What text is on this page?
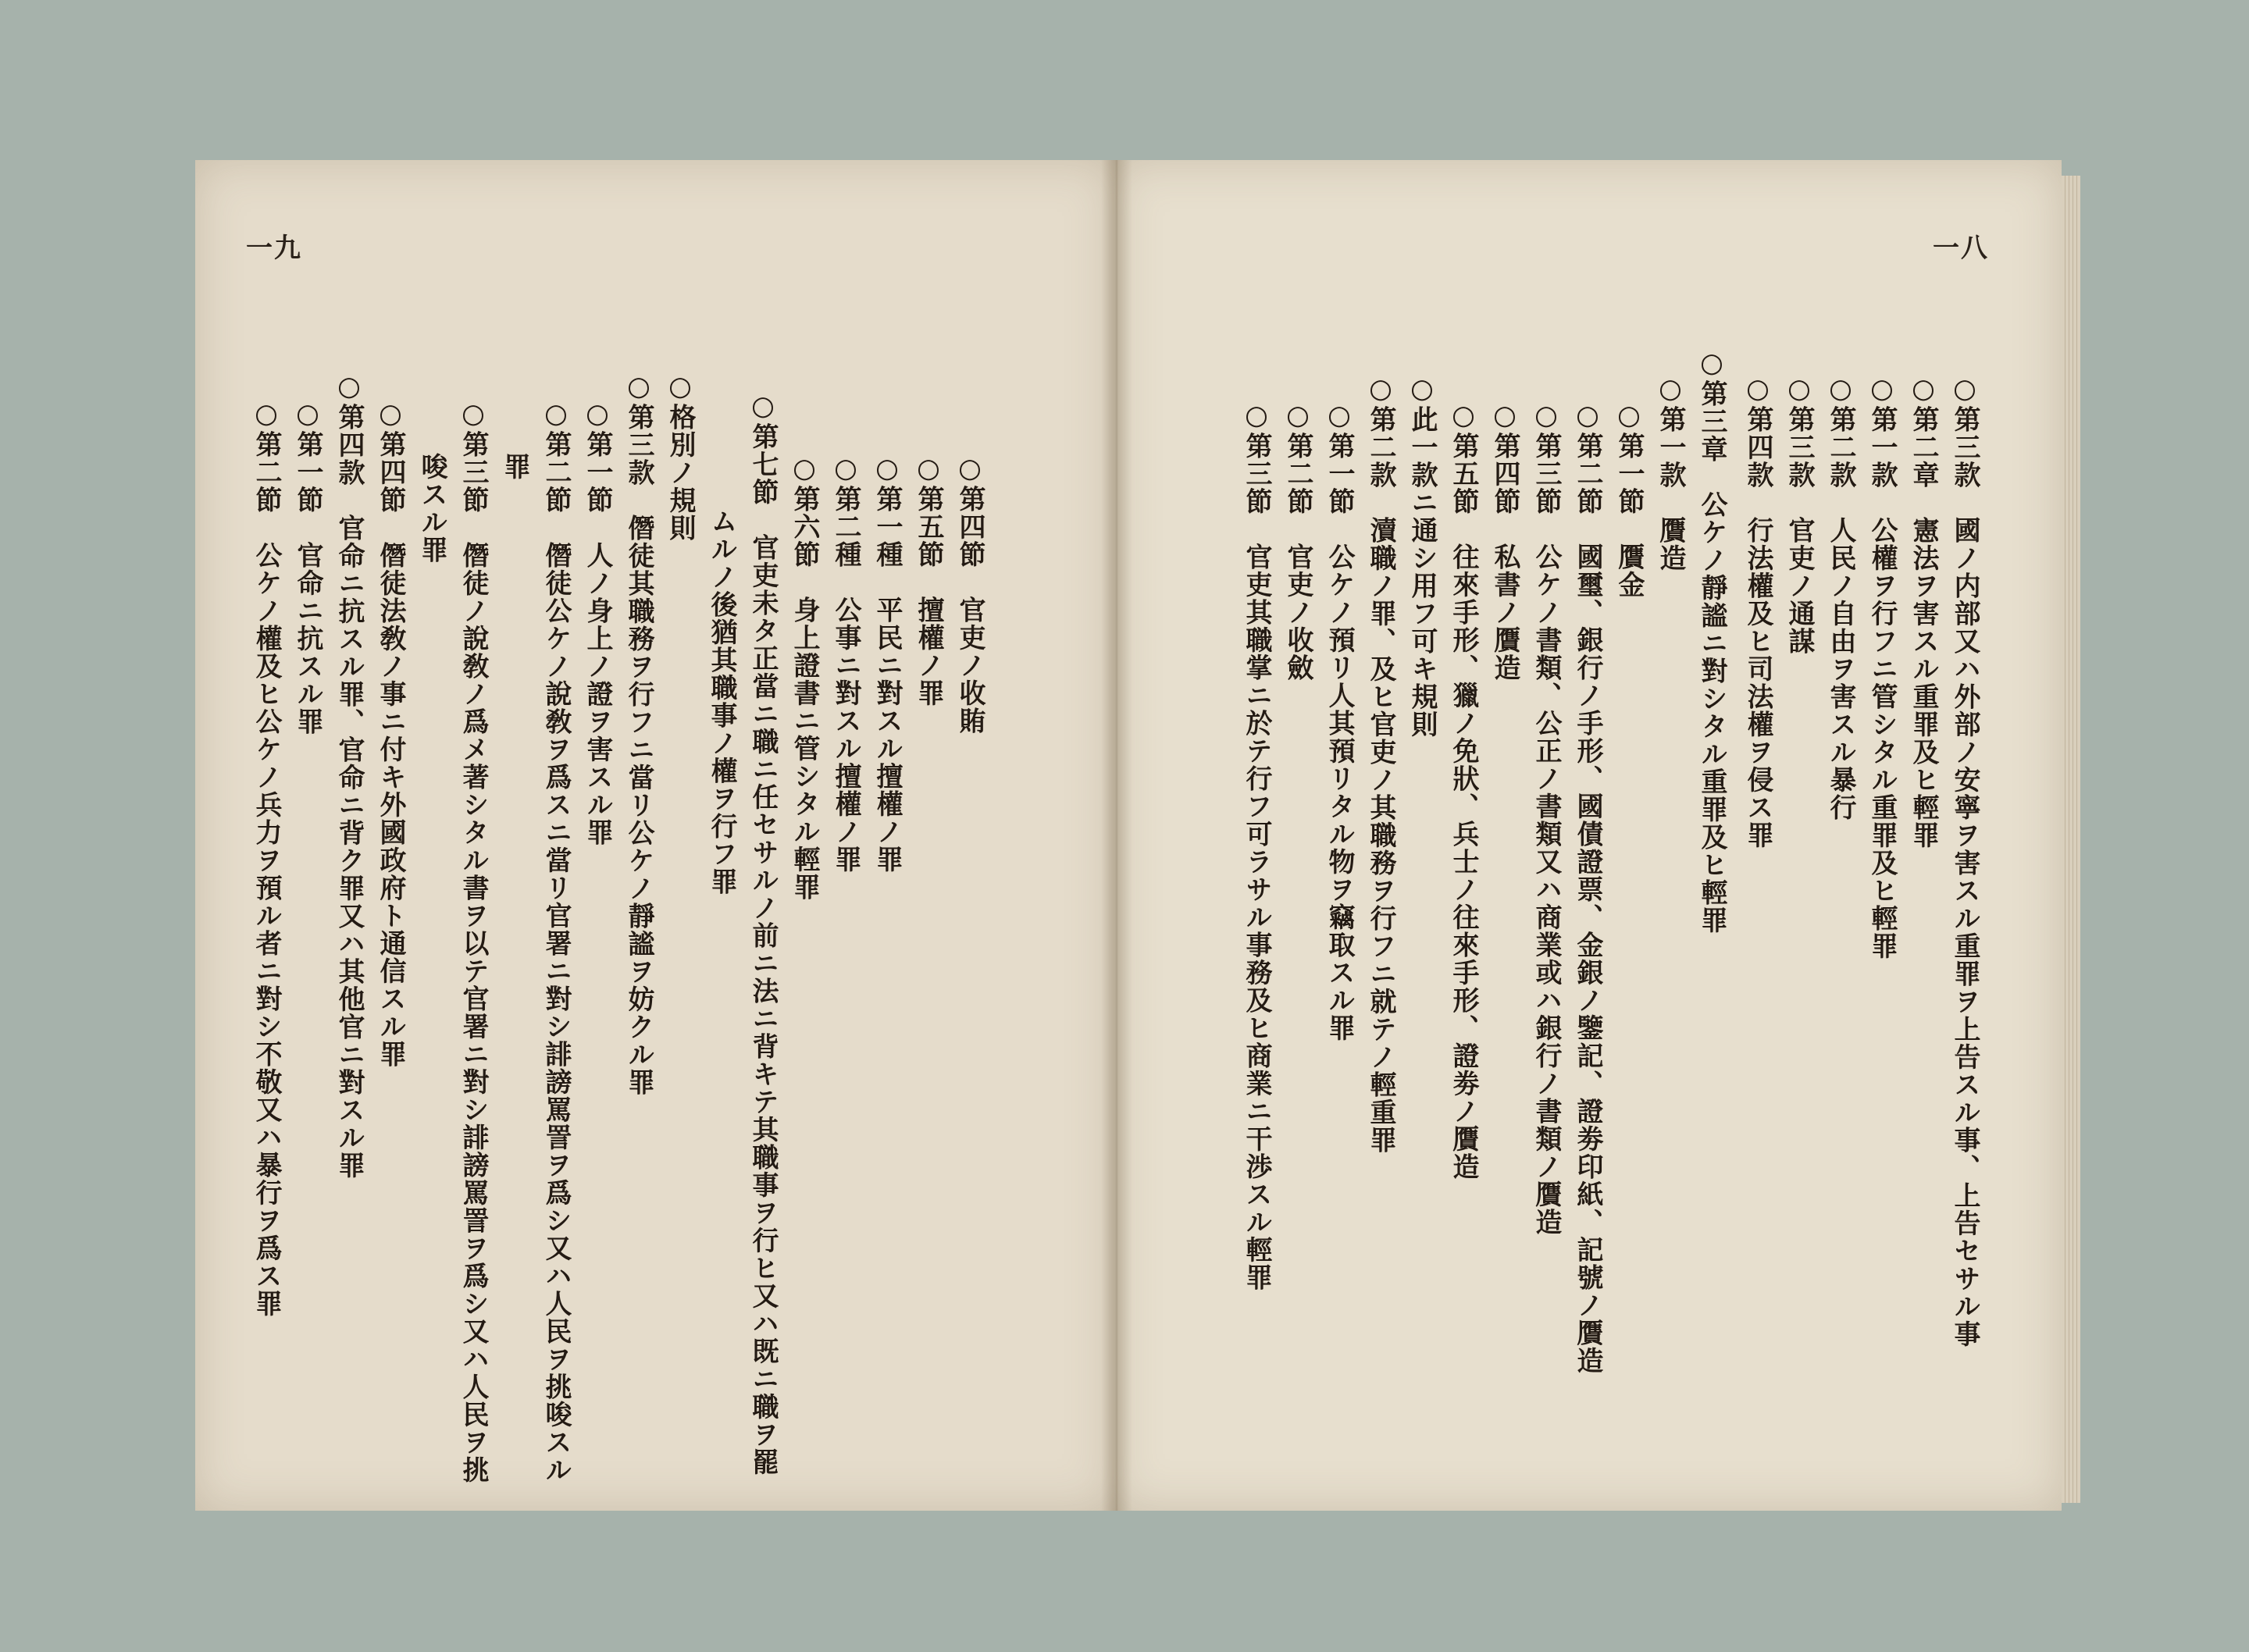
一九	一八
○第三款　國ノ内部又ハ外部ノ安寧ヲ害スル重罪ヲ上告スル事、上告セサル事
○第二章　憲法ヲ害スル重罪及ヒ輕罪
○第一款　公權ヲ行フニ管シタル重罪及ヒ輕罪
○第二款　人民ノ自由ヲ害スル暴行
○第三款　官吏ノ通謀
○第四款　行法權及ヒ司法權ヲ侵ス罪
○第三章　公ケノ靜謐ニ對シタル重罪及ヒ輕罪
○第一款　贋造
○第一節　贋金
○第二節　國璽、銀行ノ手形、國債證票、金銀ノ鑒記、證劵印紙、記號ノ贋造
○第三節　公ケノ書類、公正ノ書類又ハ商業或ハ銀行ノ書類ノ贋造
○第四節　私書ノ贋造
○第五節　往來手形、獵ノ免狀、兵士ノ往來手形、證劵ノ贋造
○此一款ニ通シ用フ可キ規則
○第二款　瀆職ノ罪、及ヒ官吏ノ其職務ヲ行フニ就テノ輕重罪
○第一節　公ケノ預リ人其預リタル物ヲ竊取スル罪
○第二節　官吏ノ收斂
○第三節　官吏其職掌ニ於テ行フ可ラサル事務及ヒ商業ニ干渉スル輕罪
○第四節　官吏ノ收賄
○第五節　擅權ノ罪
○第一種　平民ニ對スル擅權ノ罪
○第二種　公事ニ對スル擅權ノ罪
○第六節　身上證書ニ管シタル輕罪
○第七節　官吏未タ正當ニ職ニ任セサルノ前ニ法ニ背キテ其職事ヲ行ヒ又ハ既ニ職ヲ罷
ムルノ後猶其職事ノ權ヲ行フ罪
○格別ノ規則
○第三款　僭徒其職務ヲ行フニ當リ公ケノ靜謐ヲ妨クル罪
○第一節　人ノ身上ノ證ヲ害スル罪
○第二節　僭徒公ケノ說敎ヲ爲スニ當リ官署ニ對シ誹謗罵詈ヲ爲シ又ハ人民ヲ挑唆スル
罪
○第三節　僭徒ノ說敎ノ爲メ著シタル書ヲ以テ官署ニ對シ誹謗罵詈ヲ爲シ又ハ人民ヲ挑
唆スル罪
○第四節　僭徒法敎ノ事ニ付キ外國政府ト通信スル罪
○第四款　官命ニ抗スル罪、官命ニ背ク罪又ハ其他官ニ對スル罪
○第一節　官命ニ抗スル罪
○第二節　公ケノ權及ヒ公ケノ兵力ヲ預ル者ニ對シ不敬又ハ暴行ヲ爲ス罪
